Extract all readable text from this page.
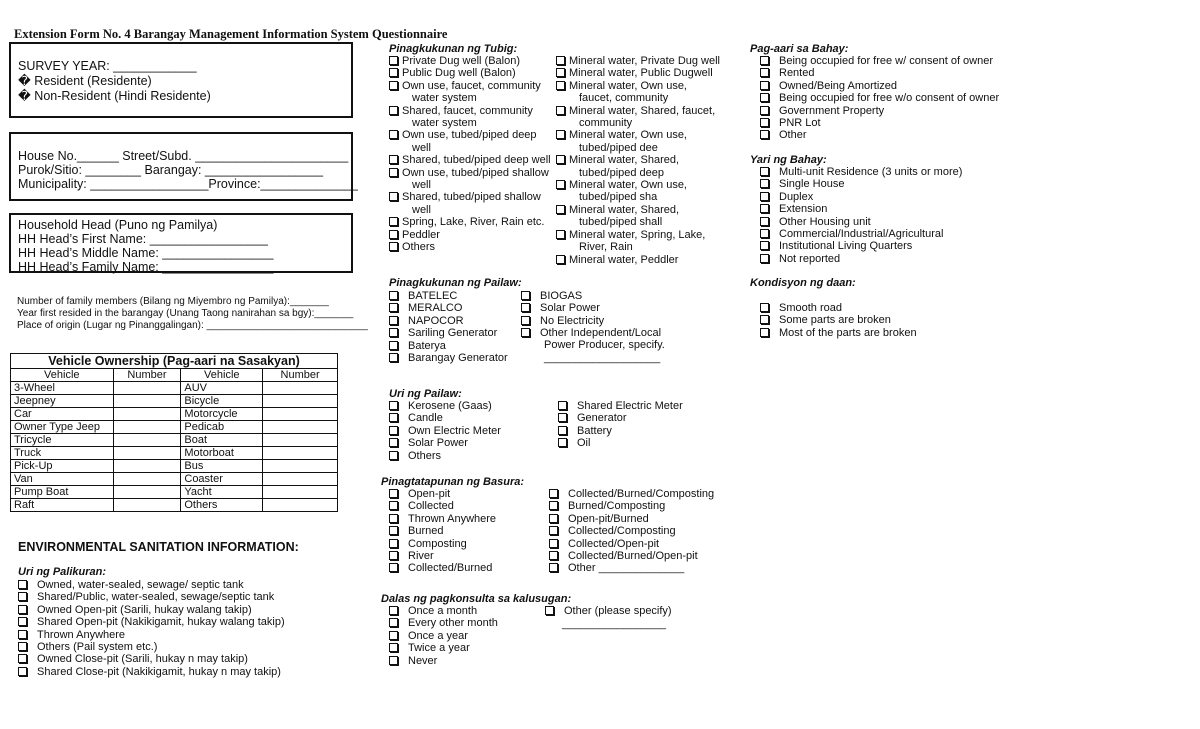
Extension Form No. 4 Barangay Management Information System Questionnaire
SURVEY YEAR: ____________
� Resident (Residente)
� Non-Resident (Hindi Residente)
House No.______ Street/Subd. ______________________
Purok/Sitio: ________ Barangay: _________________
Municipality: _________________Province:______________
Household Head (Puno ng Pamilya)
HH Head’s First Name: _________________
HH Head’s Middle Name: ________________
HH Head’s Family Name: ________________
Number of family members (Bilang ng Miyembro ng Pamilya):_______
Year first resided in the barangay (Unang Taong nanirahan sa bgy):_______
Place of origin (Lugar ng Pinanggalingan): _____________________________
Vehicle Ownership (Pag-aari na Sasakyan)			
Vehicle	Number	Vehicle	Number
3-Wheel		AUV	
Jeepney		Bicycle	
Car		Motorcycle	
Owner Type Jeep		Pedicab	
Tricycle		Boat	
Truck		Motorboat	
Pick-Up		Bus	
Van		Coaster	
Pump Boat		Yacht	
Raft		Others	
ENVIRONMENTAL SANITATION INFORMATION:
Uri ng Palikuran:
Owned, water-sealed, sewage/ septic tank
Shared/Public, water-sealed, sewage/septic tank
Owned Open-pit (Sarili, hukay walang takip)
Shared Open-pit (Nakikigamit, hukay walang takip)
Thrown Anywhere
Others (Pail system etc.)
Owned Close-pit (Sarili, hukay n may takip)
Shared Close-pit (Nakikigamit, hukay n may takip)
Pinagkukunan ng Tubig:
Private Dug well (Balon)
Public Dug well (Balon)
Own use, faucet, community
water system
Shared, faucet, community
water system
Own use, tubed/piped deep
well
Shared, tubed/piped deep well
Own use, tubed/piped shallow
well
Shared, tubed/piped shallow
well
Spring, Lake, River, Rain etc.
Peddler
Others
Mineral water, Private Dug well
Mineral water, Public Dugwell
Mineral water, Own use,
faucet, community
Mineral water, Shared, faucet,
community
Mineral water, Own use,
tubed/piped dee
Mineral water, Shared,
tubed/piped deep
Mineral water, Own use,
tubed/piped sha
Mineral water, Shared,
tubed/piped shall
Mineral water, Spring, Lake,
River, Rain
Mineral water, Peddler
Pinagkukunan ng Pailaw:
BATELEC
MERALCO
NAPOCOR
Sariling Generator
Baterya
Barangay Generator
BIOGAS
Solar Power
No Electricity
Other Independent/Local
Power Producer, specify.
___________________
Uri ng Pailaw:
Kerosene (Gaas)
Candle
Own Electric Meter
Solar Power
Others
Shared Electric Meter
Generator
Battery
Oil
Pinagtatapunan ng Basura:
Open-pit
Collected
Thrown Anywhere
Burned
Composting
River
Collected/Burned
Collected/Burned/Composting
Burned/Composting
Open-pit/Burned
Collected/Composting
Collected/Open-pit
Collected/Burned/Open-pit
Other ______________
Dalas ng pagkonsulta sa kalusugan:
Once a month
Every other month
Once a year
Twice a year
Never
Other (please specify)
_________________
Pag-aari sa Bahay:
Being occupied for free w/ consent of owner
Rented
Owned/Being Amortized
Being occupied for free w/o consent of owner
Government Property
PNR Lot
Other
Yari ng Bahay:
Multi-unit Residence (3 units or more)
Single House
Duplex
Extension
Other Housing unit
Commercial/Industrial/Agricultural
Institutional Living Quarters
Not reported
Kondisyon ng daan:
Smooth road
Some parts are broken
Most of the parts are broken
